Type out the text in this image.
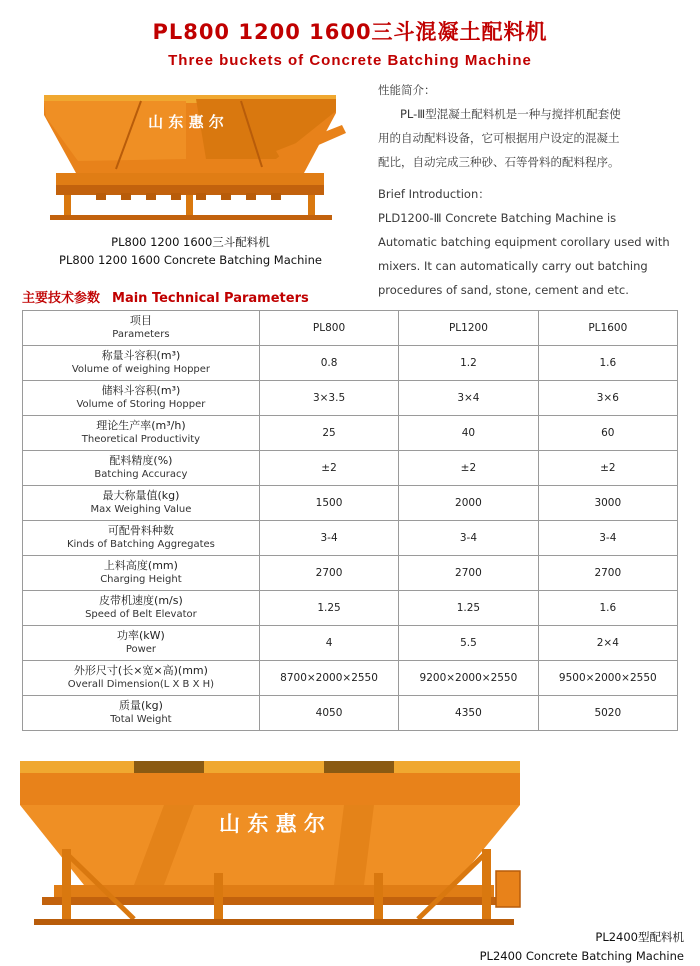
PL800 1200 1600三斗混凝土配料机
Three buckets of Concrete Batching Machine
山 东 惠 尔
PL800 1200 1600三斗配料机
PL800 1200 1600 Concrete Batching Machine

性能简介：

PL-Ⅲ型混凝土配料机是一种与搅拌机配套使

用的自动配料设备，它可根据用户设定的混凝土

配比，自动完成三种砂、石等骨料的配料程序。

Brief Introduction：

PLD1200-Ⅲ Concrete Batching Machine is

Automatic batching equipment corollary used with

mixers. It can automatically carry out batching

procedures of sand, stone, cement and etc.

主要技术参数 Main Technical Parameters
项目
Parameters	PL800	PL1200	PL1600

称量斗容积(m³)
Volume of weighing Hopper	0.8	1.2	1.6

储料斗容积(m³)
Volume of Storing Hopper	3×3.5	3×4	3×6

理论生产率(m³/h)
Theoretical Productivity	25	40	60

配料精度(%)
Batching Accuracy	±2	±2	±2

最大称量值(kg)
Max Weighing Value	1500	2000	3000

可配骨料种数
Kinds of Batching Aggregates	3-4	3-4	3-4

上料高度(mm)
Charging Height	2700	2700	2700

皮带机速度(m/s)
Speed of Belt Elevator	1.25	1.25	1.6

功率(kW)
Power	4	5.5	2×4

外形尺寸(长×宽×高)(mm)
Overall Dimension(L X B X H)	8700×2000×2550	9200×2000×2550	9500×2000×2550

质量(kg)
Total Weight	4050	4350	5020
山 东 惠 尔
PL2400型配料机
PL2400 Concrete Batching Machine
